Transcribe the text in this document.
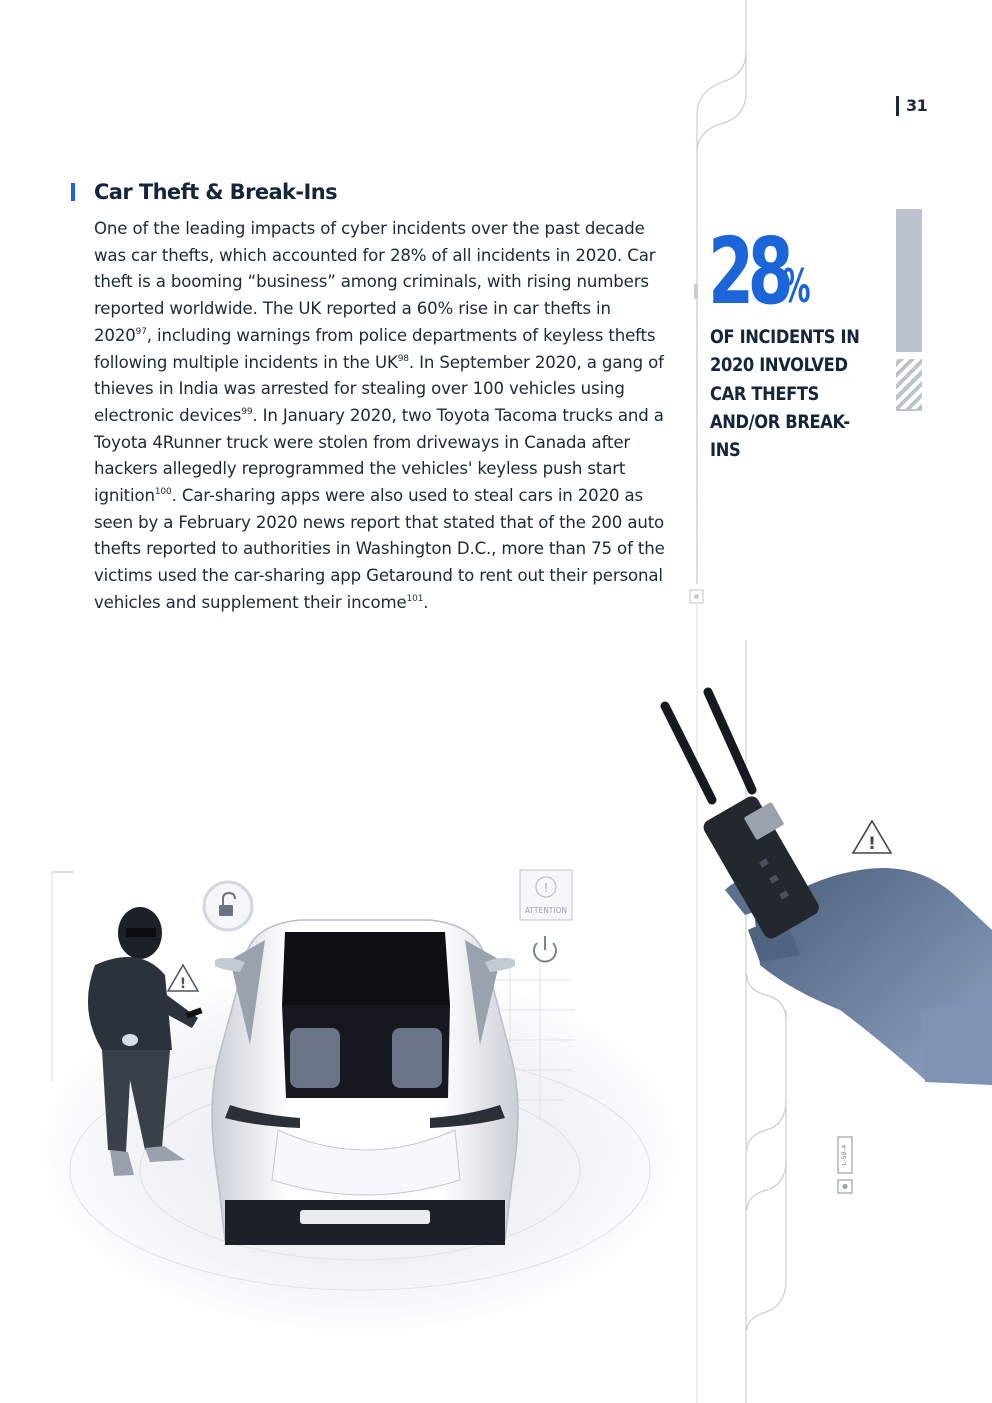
31
Car Theft & Break-Ins

One of the leading impacts of cyber incidents over the past decade was car thefts, which accounted for 28% of all incidents in 2020. Car theft is a booming “business” among criminals, with rising numbers reported worldwide. The UK reported a 60% rise in car thefts in 2020$^{97}$, including warnings from police departments of keyless thefts following multiple incidents in the UK$^{98}$. In September 2020, a gang of thieves in India was arrested for stealing over 100 vehicles using electronic devices$^{99}$. In January 2020, two Toyota Tacoma trucks and a Toyota 4Runner truck were stolen from driveways in Canada after hackers allegedly reprogrammed the vehicles' keyless push start ignition$^{100}$. Car-sharing apps were also used to steal cars in 2020 as seen by a February 2020 news report that stated that of the 200 auto thefts reported to authorities in Washington D.C., more than 75 of the victims used the car-sharing app Getaround to rent out their personal vehicles and supplement their income$^{101}$.

28
%

OF INCIDENTS IN 2020 INVOLVED CAR THEFTS AND/OR BREAK-INS

!
!
ATTENTION
!
L-58-4
